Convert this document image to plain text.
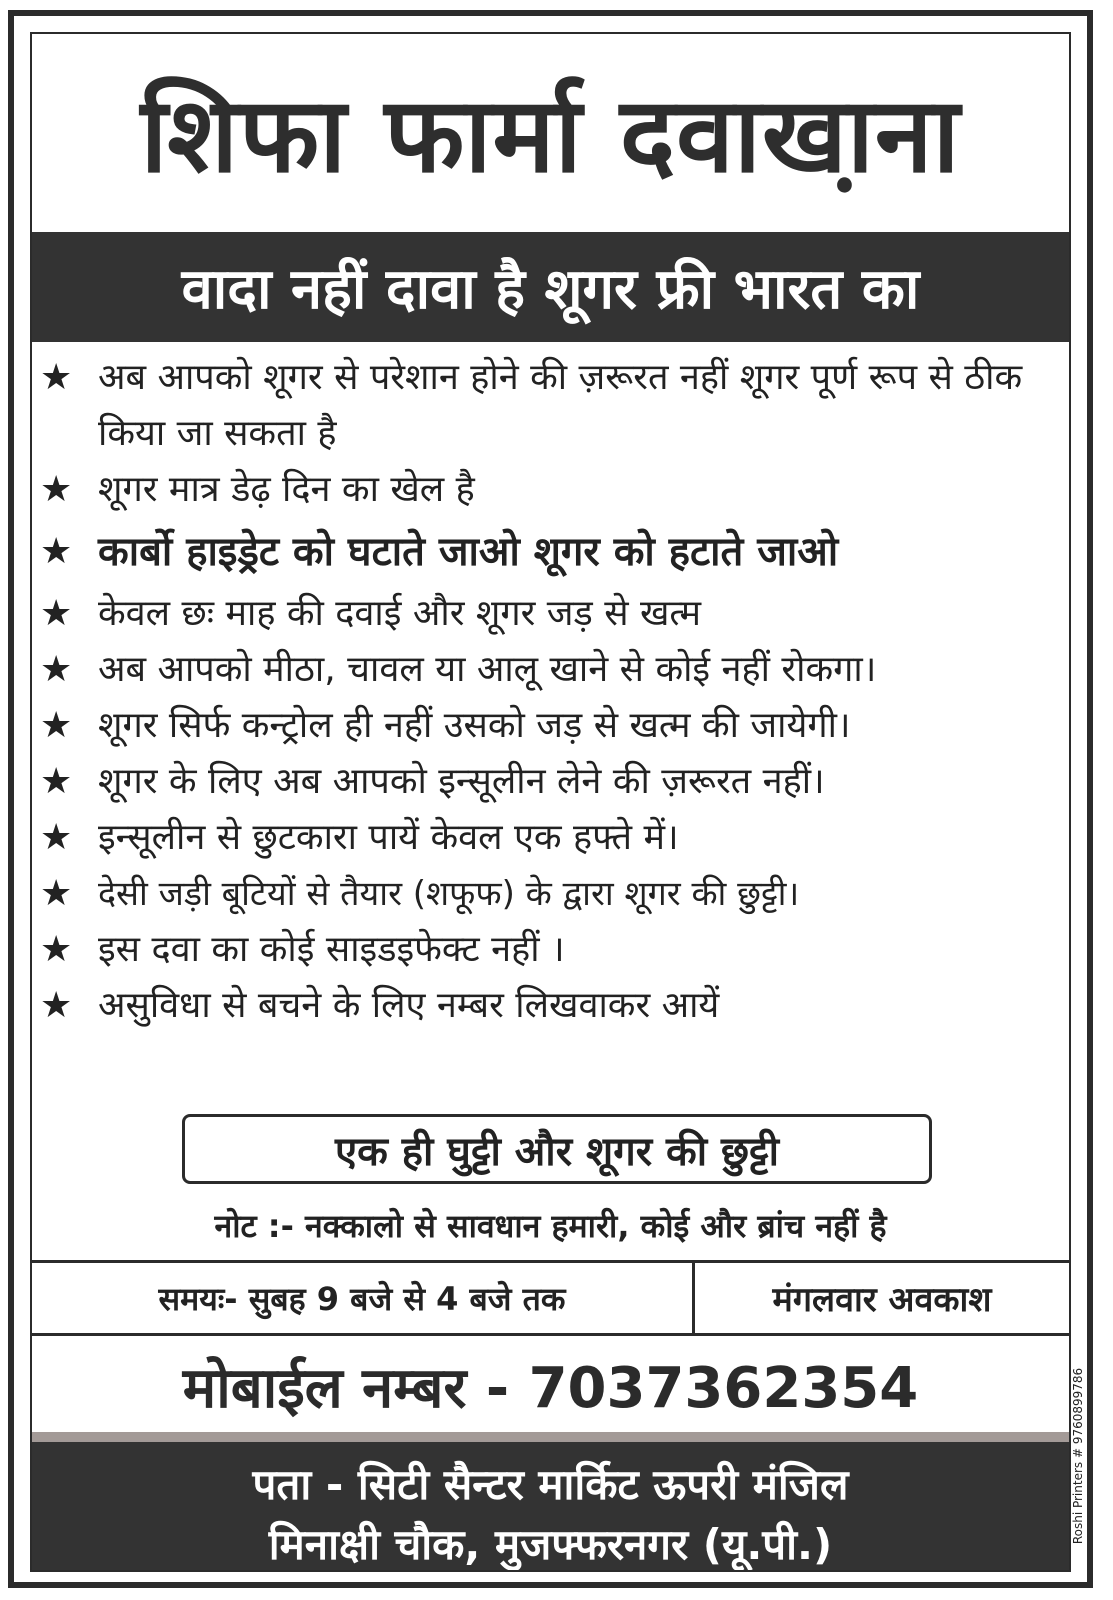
शिफा फार्मा दवाखा़ना
वादा नहीं दावा है शूगर फ्री भारत का
★ अब आपको शूगर से परेशान होने की ज़रूरत नहीं शूगर पूर्ण रूप से ठीक किया जा सकता है
★ शूगर मात्र डेढ़ दिन का खेल है
★ कार्बो हाइड्रेट को घटाते जाओ शूगर को हटाते जाओ
★ केवल छः माह की दवाई और शूगर जड़ से खत्म
★ अब आपको मीठा, चावल या आलू खाने से कोई नहीं रोकगा।
★ शूगर सिर्फ कन्ट्रोल ही नहीं उसको जड़ से खत्म की जायेगी।
★ शूगर के लिए अब आपको इन्सूलीन लेने की ज़रूरत नहीं।
★ इन्सूलीन से छुटकारा पायें केवल एक हफ्ते में।
★ देसी जड़ी बूटियों से तैयार (शफूफ) के द्वारा शूगर की छुट्टी।
★ इस दवा का कोई साइडइफेक्ट नहीं ।
★ असुविधा से बचने के लिए नम्बर लिखवाकर आयें
एक ही घुट्टी और शूगर की छुट्टी
नोट :- नक्कालो से सावधान हमारी, कोई और ब्रांच नहीं है
समयः- सुबह 9 बजे से 4 बजे तक	मंगलवार अवकाश
मोबाईल नम्बर - 7037362354
पता - सिटी सैन्टर मार्किट ऊपरी मंजिल
मिनाक्षी चौक, मुजफ्फरनगर (यू.पी.)
Roshi Printers # 9760899786
